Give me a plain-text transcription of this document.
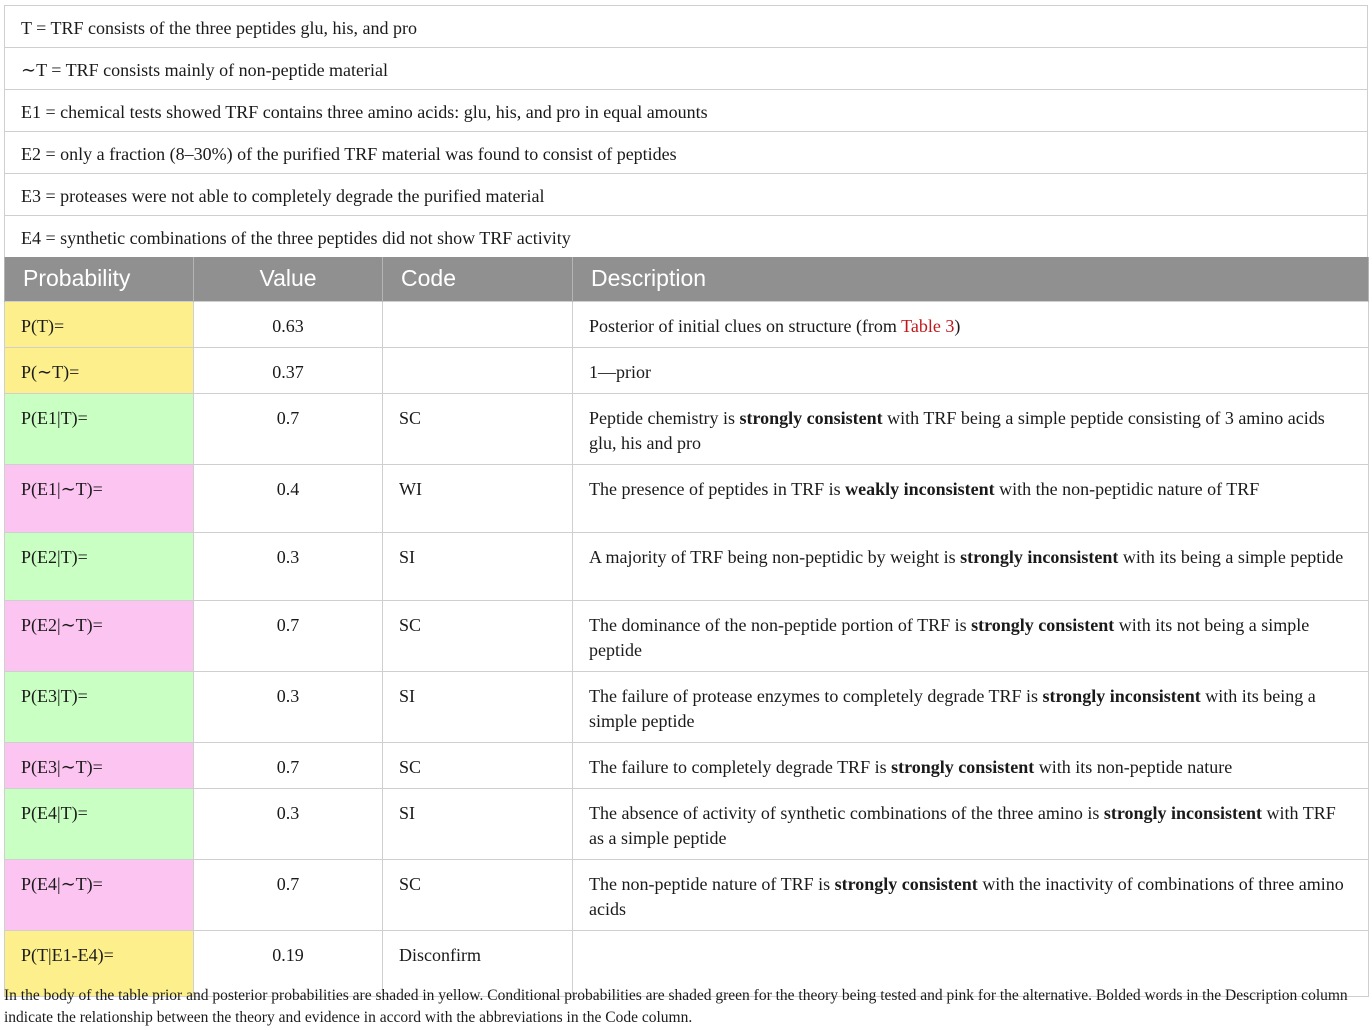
T = TRF consists of the three peptides glu, his, and pro
∼T = TRF consists mainly of non-peptide material
E1 = chemical tests showed TRF contains three amino acids: glu, his, and pro in equal amounts
E2 = only a fraction (8–30%) of the purified TRF material was found to consist of peptides
E3 = proteases were not able to completely degrade the purified material
E4 = synthetic combinations of the three peptides did not show TRF activity
Probability	Value	Code	Description
P(T)=	0.63		Posterior of initial clues on structure (from Table 3)
P(∼T)=	0.37		1—prior
P(E1|T)=	0.7	SC	Peptide chemistry is strongly consistent with TRF being a simple peptide consisting of 3 amino acids glu, his and pro
P(E1|∼T)=	0.4	WI	The presence of peptides in TRF is weakly inconsistent with the non-peptidic nature of TRF
P(E2|T)=	0.3	SI	A majority of TRF being non-peptidic by weight is strongly inconsistent with its being a simple peptide
P(E2|∼T)=	0.7	SC	The dominance of the non-peptide portion of TRF is strongly consistent with its not being a simple peptide
P(E3|T)=	0.3	SI	The failure of protease enzymes to completely degrade TRF is strongly inconsistent with its being a simple peptide
P(E3|∼T)=	0.7	SC	The failure to completely degrade TRF is strongly consistent with its non-peptide nature
P(E4|T)=	0.3	SI	The absence of activity of synthetic combinations of the three amino is strongly inconsistent with TRF as a simple peptide
P(E4|∼T)=	0.7	SC	The non-peptide nature of TRF is strongly consistent with the inactivity of combinations of three amino acids
P(T|E1-E4)=	0.19	Disconfirm	
In the body of the table prior and posterior probabilities are shaded in yellow. Conditional probabilities are shaded green for the theory being tested and pink for the alternative. Bolded words in the Description column indicate the relationship between the theory and evidence in accord with the abbreviations in the Code column.
